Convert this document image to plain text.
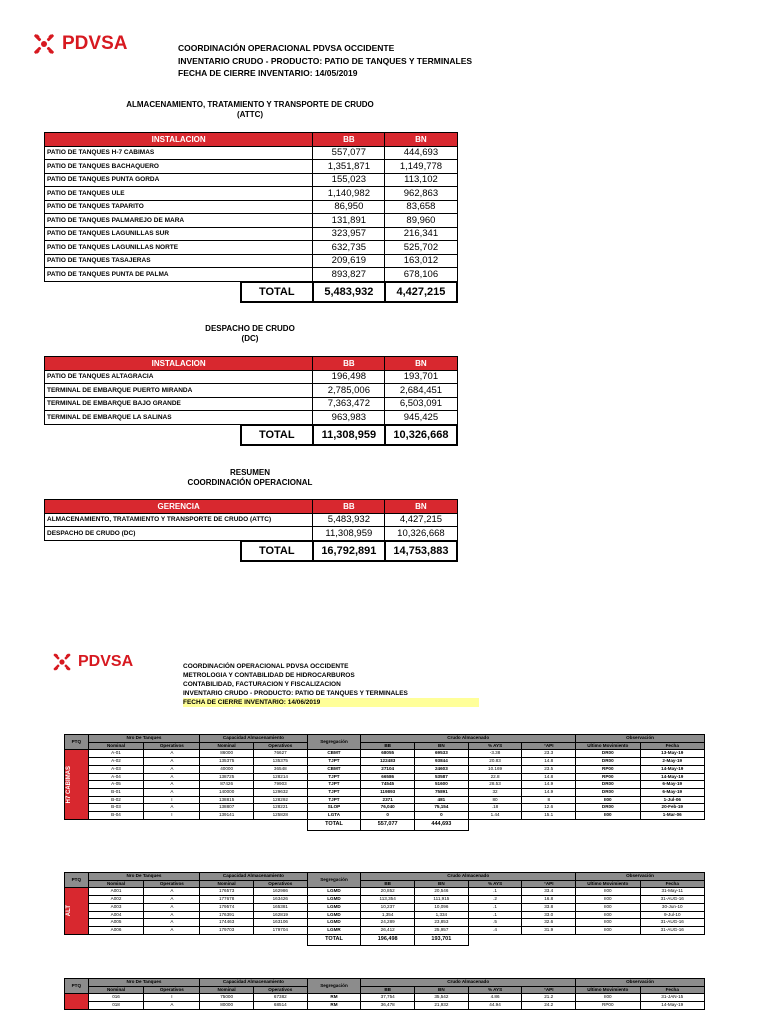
PDVSA	COORDINACIÓN OPERACIONAL PDVSA OCCIDENTE
INVENTARIO CRUDO - PRODUCTO: PATIO DE TANQUES Y TERMINALES
FECHA DE CIERRE INVENTARIO: 14/05/2019
ALMACENAMIENTO, TRATAMIENTO Y TRANSPORTE DE CRUDO
(ATTC)
INSTALACION		BB	BN
PATIO DE TANQUES H-7 CABIMAS		557,077	444,693
PATIO DE TANQUES BACHAQUERO		1,351,871	1,149,778
PATIO DE TANQUES PUNTA GORDA		155,023	113,102
PATIO DE TANQUES ULE		1,140,982	962,863
PATIO DE TANQUES TAPARITO		86,950	83,658
PATIO DE TANQUES PALMAREJO DE MARA		131,891	89,960
PATIO DE TANQUES LAGUNILLAS SUR		323,957	216,341
PATIO DE TANQUES LAGUNILLAS NORTE		632,735	525,702
PATIO DE TANQUES TASAJERAS		209,619	163,012
PATIO DE TANQUES PUNTA DE PALMA		893,827	678,106
	TOTAL	5,483,932	4,427,215
DESPACHO DE CRUDO
(DC)
INSTALACION		BB	BN
PATIO DE TANQUES ALTAGRACIA		196,498	193,701
TERMINAL DE EMBARQUE PUERTO MIRANDA		2,785,006	2,684,451
TERMINAL DE EMBARQUE BAJO GRANDE		7,363,472	6,503,091
TERMINAL DE EMBARQUE LA SALINAS		963,983	945,425
	TOTAL	11,308,959	10,326,668
RESUMEN
COORDINACIÓN OPERACIONAL
GERENCIA		BB	BN
ALMACENAMIENTO, TRATAMIENTO Y TRANSPORTE DE CRUDO (ATTC)		5,483,932	4,427,215
DESPACHO DE CRUDO (DC)		11,308,959	10,326,668
	TOTAL	16,792,891	14,753,883
PDVSA	COORDINACIÓN OPERACIONAL PDVSA OCCIDENTE
METROLOGIA Y CONTABILIDAD DE HIDROCARBUROS
CONTABILIDAD, FACTURACION Y FISCALIZACION
INVENTARIO CRUDO - PRODUCTO: PATIO DE TANQUES Y TERMINALES
FECHA DE CIERRE INVENTARIO: 14/06/2019
PTQ	Nro De Tanques		Capacidad Almacenamiento		Segregación	Crudo Almacenado				Observación	
	Nominal	Operativos	Nominal	Operativos		BB	BN	% AYS	°API	Ultimo Movimiento	Fecha

H7 CABIMAS	A-01	A	86000	76627	CBMT	68055	69533	-3.38	23.3	DR00	13-May-19
	A-02	A	135375	135375	TJPT	122483	93844	20.83	14.8	DR00	2-May-19
	A-03	A	40000	36548	CBMT	27104	24603	10.169	23.5	RP00	14-May-19
	A-04	A	138725	128214	TJPT	66586	53587	22.8	14.8	RP00	14-May-19
	A-05	A	87426	79903	TJPT	74545	51600	28.53	14.9	DR00	6-May-19
	B-01	A	140000	129632	TJPT	119893	75891	32	14.9	DR00	6-May-19
	B-02	I	138815	128292	TJPT	2371	481	80	8	II00	1-Jul-06
	B-03	A	138807	128221	SLOP	76,040	75,154	.18	12.6	DR00	20-Feb-19
	B-04	I	139141	125828	LGTA	0	0	1.44	15.1	II00	1-Mar-06
					TOTAL	557,077	444,693				
PTQ	Nro De Tanques		Capacidad Almacenamiento		Segregación	Crudo Almacenado				Observación	
	Nominal	Operativos	Nominal	Operativos		BB	BN	% AYS	°API	Ultimo Movimiento	Fecha

ALT	A001	A	176573	162986	LGMD	20,852	20,546	.1	33.4	II00	31-May-11
	A002	A	177678	163426	LGMD	113,354	111,915	.2	16.8	II00	31-AUG-16
	A003	A	179574	165381	LGMD	10,237	10,096	.1	33.8	II00	30-Jun-10
	A004	A	176391	162819	LGMD	1,354	1,334	.1	33.0	II00	9-Jul-10
	A005	A	174463	163106	LGMD	24,289	23,853	.5	32.6	II00	31-AUG-16
	A006	A	179703	179704	LGMR	26,412	25,957	.4	31.9	II00	31-AUG-16
					TOTAL	196,498	193,701				
PTQ	Nro De Tanques		Capacidad Almacenamiento		Segregación	Crudo Almacenado				Observación	
	Nominal	Operativos	Nominal	Operativos		BB	BN	% AYS	°API	Ultimo Movimiento	Fecha
	016	I	75000	67382	RM	37,754	35,542	4.86	21.2	II00	31-JAN-15
	018	A	80000	68514	RM	36,478	21,932	44.94	24.2	RP00	14-May-19
